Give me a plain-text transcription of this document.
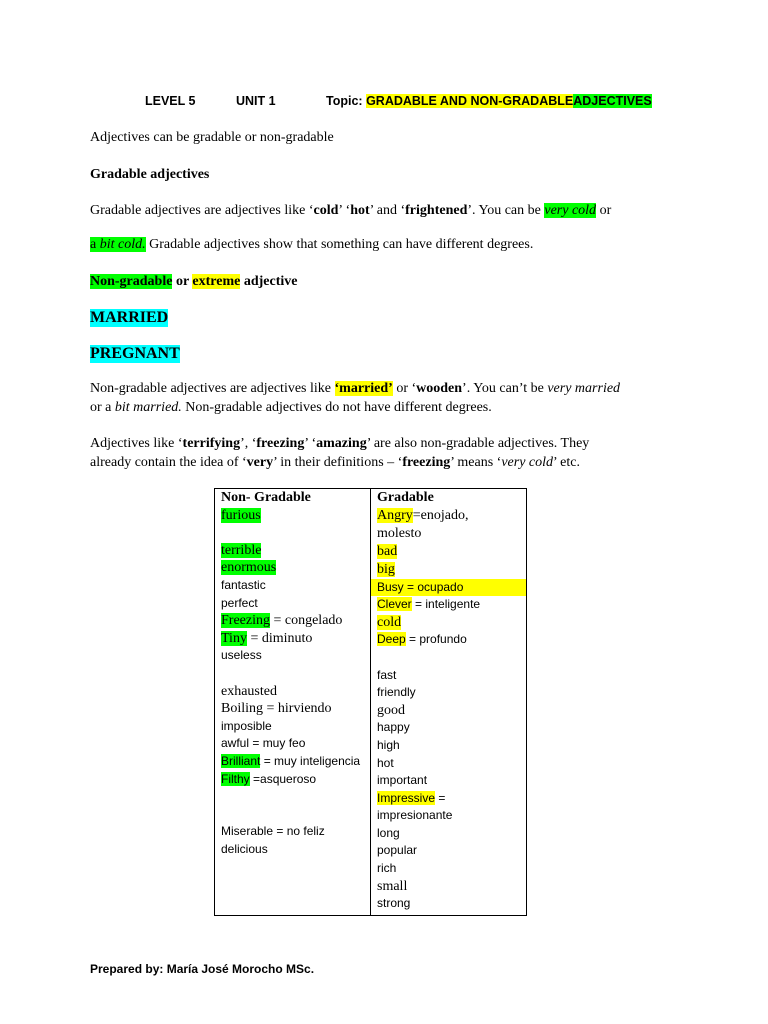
LEVEL 5	UNIT 1	Topic: GRADABLE AND NON-GRADABLEADJECTIVES
Adjectives can be gradable or non-gradable
Gradable adjectives
Gradable adjectives are adjectives like ‘cold’ ‘hot’ and ‘frightened’. You can be very cold or
a bit cold. Gradable adjectives show that something can have different degrees.
Non-gradable or extreme adjective
MARRIED
PREGNANT
Non-gradable adjectives are adjectives like ‘married’ or ‘wooden’. You can’t be very married
or a bit married. Non-gradable adjectives do not have different degrees.
Adjectives like ‘terrifying’, ‘freezing’ ‘amazing’ are also non-gradable adjectives. They
already contain the idea of ‘very’ in their definitions – ‘freezing’ means ‘very cold’ etc.
Non- Gradable
furious
terrible
enormous
fantastic
perfect
Freezing = congelado
Tiny = diminuto
useless
exhausted
Boiling = hirviendo
imposible
awful = muy feo
Brilliant = muy inteligencia
Filthy =asqueroso
Miserable = no feliz
delicious

Gradable
Angry=enojado,
molesto
bad
big
Busy = ocupado
Clever = inteligente
cold
Deep = profundo
fast
friendly
good
happy
high
hot
important
Impressive =
impresionante
long
popular
rich
small
strong
Prepared by: María José Morocho MSc.
